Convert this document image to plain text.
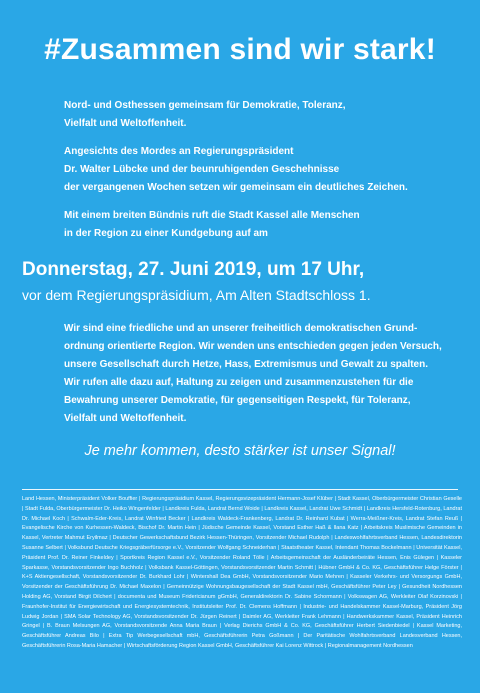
#Zusammen sind wir stark!

Nord- und Osthessen gemeinsam für Demokratie, Toleranz,

Vielfalt und Weltoffenheit.

Angesichts des Mordes an Regierungspräsident

Dr. Walter Lübcke und der beunruhigenden Geschehnisse

der vergangenen Wochen setzen wir gemeinsam ein deutliches Zeichen.

Mit einem breiten Bündnis ruft die Stadt Kassel alle Menschen

in der Region zu einer Kundgebung auf am

Donnerstag, 27. Juni 2019, um 17 Uhr,

vor dem Regierungspräsidium, Am Alten Stadtschloss 1.

Wir sind eine friedliche und an unserer freiheitlich demokratischen Grund-

ordnung orientierte Region. Wir wenden uns entschieden gegen jeden Versuch,

unsere Gesellschaft durch Hetze, Hass, Extremismus und Gewalt zu spalten.

Wir rufen alle dazu auf, Haltung zu zeigen und zusammenzustehen für die

Bewahrung unserer Demokratie, für gegenseitigen Respekt, für Toleranz,

Vielfalt und Weltoffenheit.

Je mehr kommen, desto stärker ist unser Signal!

Land Hessen, Ministerpräsident Volker Bouffier | Regierungspräsidium Kassel, Regierungsvizepräsident Hermann-Josef Klüber | Stadt Kassel, Oberbürgermeister Christian Geselle | Stadt Fulda, Oberbürgermeister Dr. Heiko Wingenfelder | Landkreis Fulda, Landrat Bernd Woide | Landkreis Kassel, Landrat Uwe Schmidt | Landkreis Hersfeld-Rotenburg, Landrat Dr. Michael Koch | Schwalm-Eder-Kreis, Landrat Winfried Becker | Landkreis Waldeck-Frankenberg, Landrat Dr. Reinhard Kubat | Werra-Meißner-Kreis, Landrat Stefan Reuß | Evangelische Kirche von Kurhessen-Waldeck, Bischof Dr. Martin Hein | Jüdische Gemeinde Kassel, Vorstand Esther Haß & Ilana Katz | Arbeitskreis Muslimische Gemeinden in Kassel, Vertreter Mahmut Eryilmaz | Deutscher Gewerkschaftsbund Bezirk Hessen-Thüringen, Vorsitzender Michael Rudolph | Landeswohlfahrtsverband Hessen, Landesdirektorin Susanne Selbert | Volksbund Deutsche Kriegsgräberfürsorge e.V., Vorsitzender Wolfgang Schneiderhan | Staatstheater Kassel, Intendant Thomas Bockelmann | Universität Kassel, Präsident Prof. Dr. Reiner Finkeldey | Sportkreis Region Kassel e.V., Vorsitzender Roland Tölle | Arbeitsgemeinschaft der Ausländerbeiräte Hessen, Enis Gülegen | Kasseler Sparkasse, Vorstandsvorsitzender Ingo Buchholz | Volksbank Kassel-Göttingen, Vorstandsvorsitzender Martin Schmitt | Hübner GmbH & Co. KG, Geschäftsführer Helge Förster | K+S Aktiengesellschaft, Vorstandsvorsitzender Dr. Burkhard Lohr | Wintershall Dea GmbH, Vorstandsvorsitzender Mario Mehren | Kasseler Verkehrs- und Versorgungs GmbH, Vorsitzender der Geschäftsführung Dr. Michael Maxelon | Gemeinnützige Wohnungsbaugesellschaft der Stadt Kassel mbH, Geschäftsführer Peter Ley | Gesundheit Nordhessen Holding AG, Vorstand Birgit Dilchert | documenta und Museum Fridericianum gGmbH, Generaldirektorin Dr. Sabine Schormann | Volkswagen AG, Werkleiter Olaf Korzinovski | Fraunhofer-Institut für Energiewirtschaft und Energiesystemtechnik, Institutsleiter Prof. Dr. Clemens Hoffmann | Industrie- und Handelskammer Kassel-Marburg, Präsident Jörg Ludwig Jordan | SMA Solar Technology AG, Vorstandsvorsitzender Dr. Jürgen Reinert | Daimler AG, Werkleiter Frank Lehmann | Handwerkskammer Kassel, Präsident Heinrich Gringel | B. Braun Melsungen AG, Vorstandsvorsitzende Anna Maria Braun | Verlag Dierichs GmbH & Co. KG, Geschäftsführer Herbert Siedenbiedel | Kassel Marketing, Geschäftsführer Andreas Bilo | Extra Tip Werbegesellschaft mbH, Geschäftsführerin Petra Goßmann | Der Paritätische Wohlfahrtsverband Landesverband Hessen, Geschäftsführerin Rosa-Maria Hamacher | Wirtschaftsförderung Region Kassel GmbH, Geschäftsführer Kai Lorenz Wittrock | Regionalmanagement Nordhessen
